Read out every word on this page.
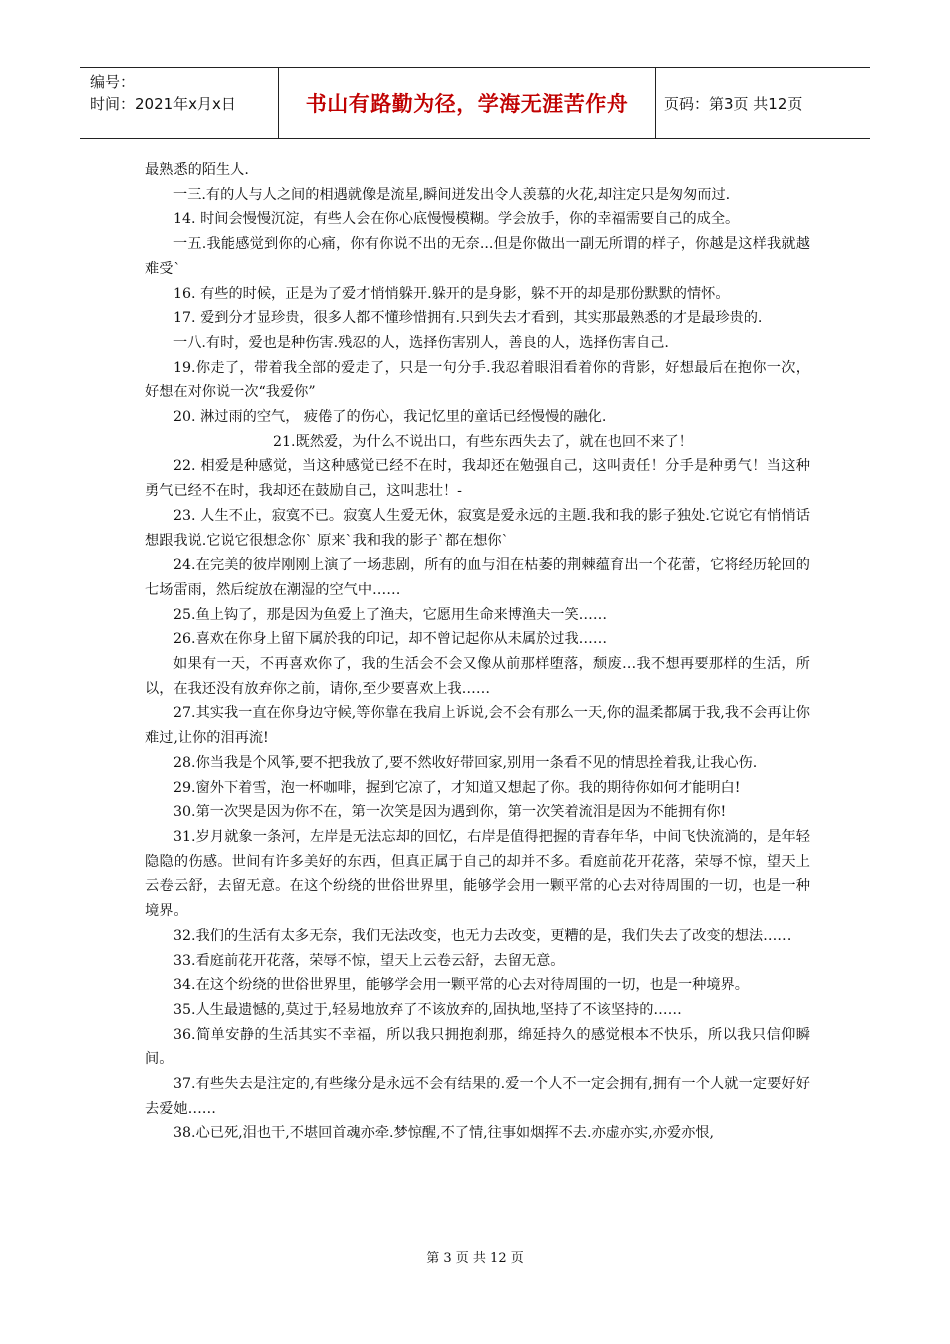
编号：
时间：2021年x月x日	书山有路勤为径，学海无涯苦作舟	页码：第3页 共12页

最熟悉的陌生人.

一三.有的人与人之间的相遇就像是流星,瞬间迸发出令人羡慕的火花,却注定只是匆匆而过.

14. 时间会慢慢沉淀，有些人会在你心底慢慢模糊。学会放手，你的幸福需要自己的成全。

一五.我能感觉到你的心痛，你有你说不出的无奈...但是你做出一副无所谓的样子，你越是这样我就越难受`

16. 有些的时候，正是为了爱才悄悄躲开.躲开的是身影，躲不开的却是那份默默的情怀。

17. 爱到分才显珍贵，很多人都不懂珍惜拥有.只到失去才看到，其实那最熟悉的才是最珍贵的.

一八.有时，爱也是种伤害.残忍的人，选择伤害别人，善良的人，选择伤害自己.

19.你走了，带着我全部的爱走了，只是一句分手.我忍着眼泪看着你的背影，好想最后在抱你一次，好想在对你说一次“我爱你”

20. 淋过雨的空气， 疲倦了的伤心，我记忆里的童话已经慢慢的融化.

21.既然爱，为什么不说出口，有些东西失去了，就在也回不来了！

22. 相爱是种感觉，当这种感觉已经不在时，我却还在勉强自己，这叫责任！分手是种勇气！当这种勇气已经不在时，我却还在鼓励自己，这叫悲壮！-

23. 人生不止，寂寞不已。寂寞人生爱无休，寂寞是爱永远的主题.我和我的影子独处.它说它有悄悄话想跟我说.它说它很想念你` 原来`我和我的影子`都在想你`

24.在完美的彼岸刚刚上演了一场悲剧，所有的血与泪在枯萎的荆棘蕴育出一个花蕾，它将经历轮回的七场雷雨，然后绽放在潮湿的空气中……

25.鱼上钩了，那是因为鱼爱上了渔夫，它愿用生命来博渔夫一笑……

26.喜欢在你身上留下属於我的印记，却不曾记起你从未属於过我……

如果有一天，不再喜欢你了，我的生活会不会又像从前那样堕落，颓废…我不想再要那样的生活，所以，在我还没有放弃你之前，请你,至少要喜欢上我……

27.其实我一直在你身边守候,等你靠在我肩上诉说,会不会有那么一天,你的温柔都属于我,我不会再让你难过,让你的泪再流!

28.你当我是个风筝,要不把我放了,要不然收好带回家,别用一条看不见的情思拴着我,让我心伤.

29.窗外下着雪，泡一杯咖啡，握到它凉了，才知道又想起了你。我的期待你如何才能明白!

30.第一次哭是因为你不在，第一次笑是因为遇到你，第一次笑着流泪是因为不能拥有你!

31.岁月就象一条河，左岸是无法忘却的回忆，右岸是值得把握的青春年华，中间飞快流淌的，是年轻隐隐的伤感。世间有许多美好的东西，但真正属于自己的却并不多。看庭前花开花落，荣辱不惊，望天上云卷云舒，去留无意。在这个纷绕的世俗世界里，能够学会用一颗平常的心去对待周围的一切，也是一种境界。

32.我们的生活有太多无奈，我们无法改变，也无力去改变，更糟的是，我们失去了改变的想法……

33.看庭前花开花落，荣辱不惊，望天上云卷云舒，去留无意。

34.在这个纷绕的世俗世界里，能够学会用一颗平常的心去对待周围的一切，也是一种境界。

35.人生最遗憾的,莫过于,轻易地放弃了不该放弃的,固执地,坚持了不该坚持的……

36.简单安静的生活其实不幸福，所以我只拥抱刹那，绵延持久的感觉根本不快乐，所以我只信仰瞬间。

37.有些失去是注定的,有些缘分是永远不会有结果的.爱一个人不一定会拥有,拥有一个人就一定要好好去爱她……

38.心已死,泪也干,不堪回首魂亦牵.梦惊醒,不了情,往事如烟挥不去.亦虚亦实,亦爱亦恨,

第 3 页 共 12 页
